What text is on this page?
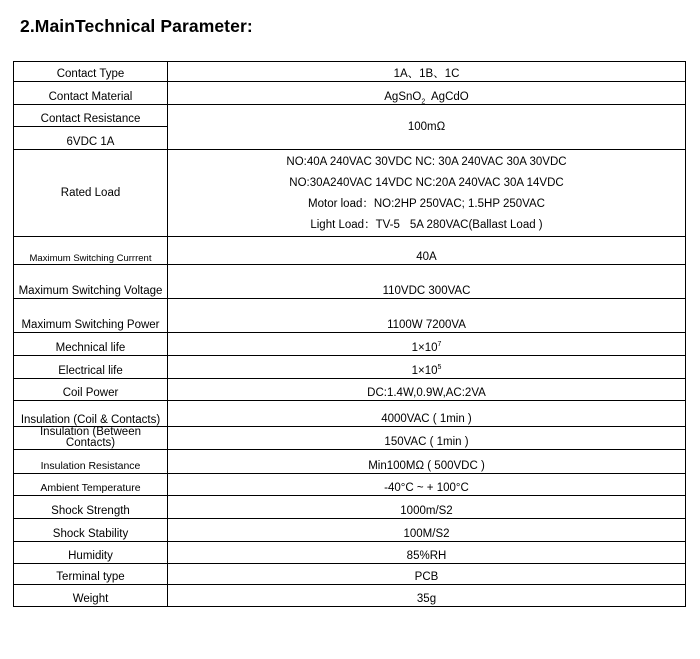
2.MainTechnical Parameter:
Contact Type	1A、1B、1C
Contact Material	AgSnO$_2$  AgCdO
Contact Resistance	100mΩ
6VDC 1A	
Rated Load	NO:40A 240VAC 30VDC NC: 30A 240VAC 30A 30VDC
NO:30A240VAC 14VDC NC:20A 240VAC 30A 14VDC
Motor load：NO:2HP 250VAC; 1.5HP 250VAC
Light Load：TV-5 5A 280VAC(Ballast Load )

Maximum Switching Currrent	40A
Maximum Switching Voltage	110VDC 300VAC
Maximum Switching Power	1100W 7200VA
Mechnical life	$1\times 10^7$
Electrical life	$1\times 10^5$
Coil Power	DC:1.4W,0.9W,AC:2VA
Insulation (Coil & Contacts)	4000VAC ( 1min )
Insulation (Between Contacts)	150VAC ( 1min )
Insulation Resistance	Min100MΩ ( 500VDC )
Ambient Temperature	-40°C ~ + 100°C
Shock Strength	1000m/S2
Shock Stability	100M/S2
Humidity	85%RH
Terminal type	PCB
Weight	35g
